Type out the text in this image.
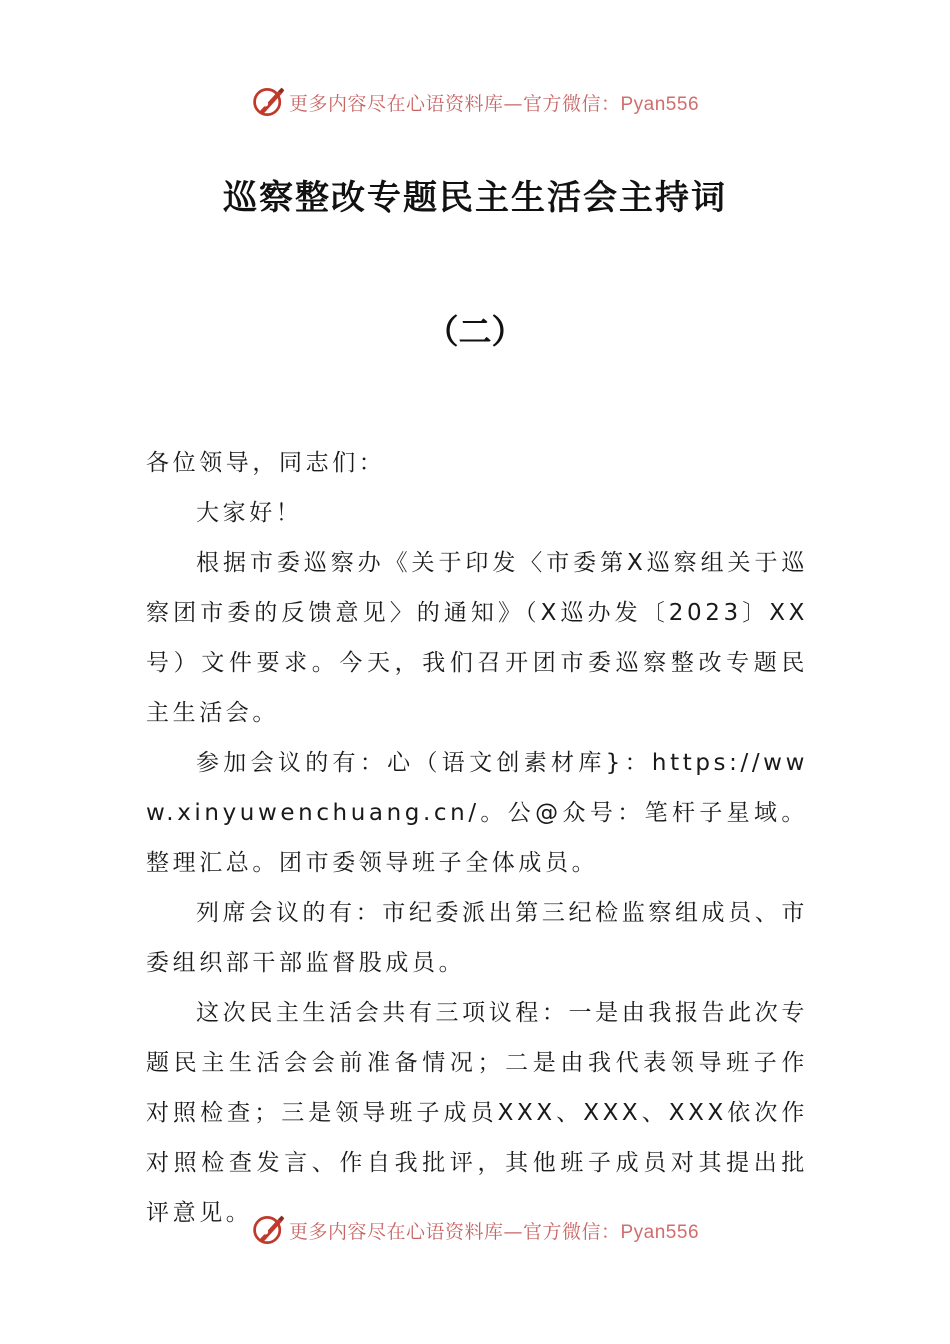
更多内容尽在心语资料库—官方微信：Pyan556
巡察整改专题民主生活会主持词
（二）

各位领导，同志们：

大家好！

根据市委巡察办《关于印发〈市委第X巡察组关于巡察团市委的反馈意见〉的通知》（X巡办发〔2023〕XX号）文件要求。今天，我们召开团市委巡察整改专题民主生活会。

参加会议的有：心（语文创素材库}：https://www.xinyuwenchuang.cn/。公@众号：笔杆子星域。整理汇总。团市委领导班子全体成员。

列席会议的有：市纪委派出第三纪检监察组成员、市委组织部干部监督股成员。

这次民主生活会共有三项议程：一是由我报告此次专题民主生活会会前准备情况；二是由我代表领导班子作对照检查；三是领导班子成员XXX、XXX、XXX依次作对照检查发言、作自我批评，其他班子成员对其提出批评意见。

更多内容尽在心语资料库—官方微信：Pyan556
